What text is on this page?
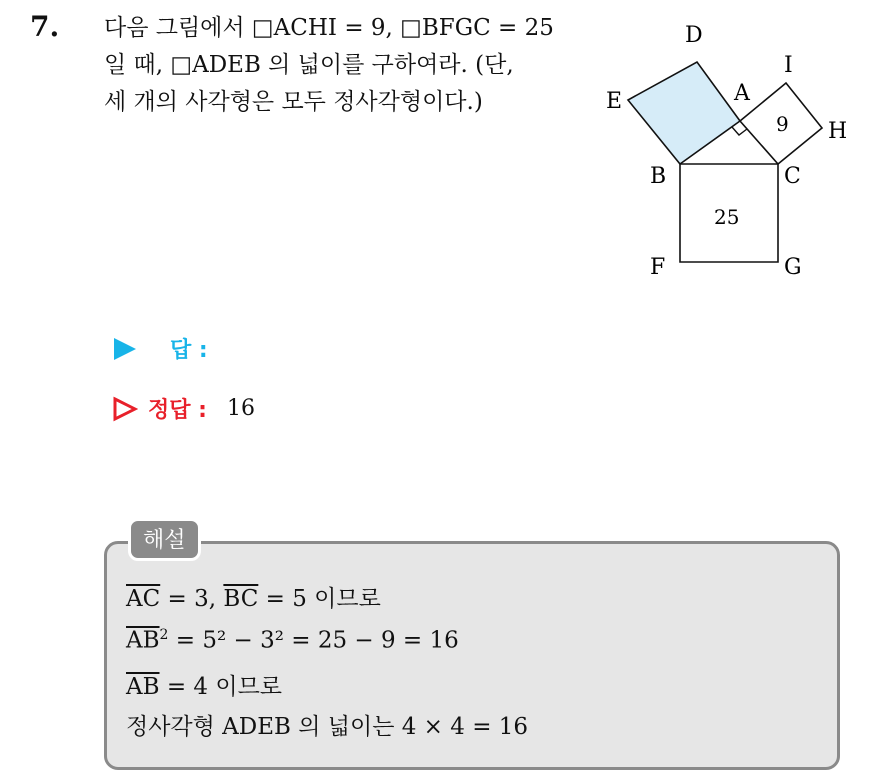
7. 다음 그림에서 □ACHI = 9, □BFGC = 25
일 때, □ADEB 의 넓이를 구하여라. (단,
세 개의 사각형은 모두 정사각형이다.)
D
I
E	A
H
B	C
F	G
9
25
답 :
정답 : 16
해설
$\overline{AC} = 3$, $\overline{BC} = 5$ 이므로
$\overline{AB}^2 = 5^2 - 3^2 = 25 - 9 = 16$
$\overline{AB} = 4$ 이므로
정사각형 ADEB 의 넓이는 4 × 4 = 16
